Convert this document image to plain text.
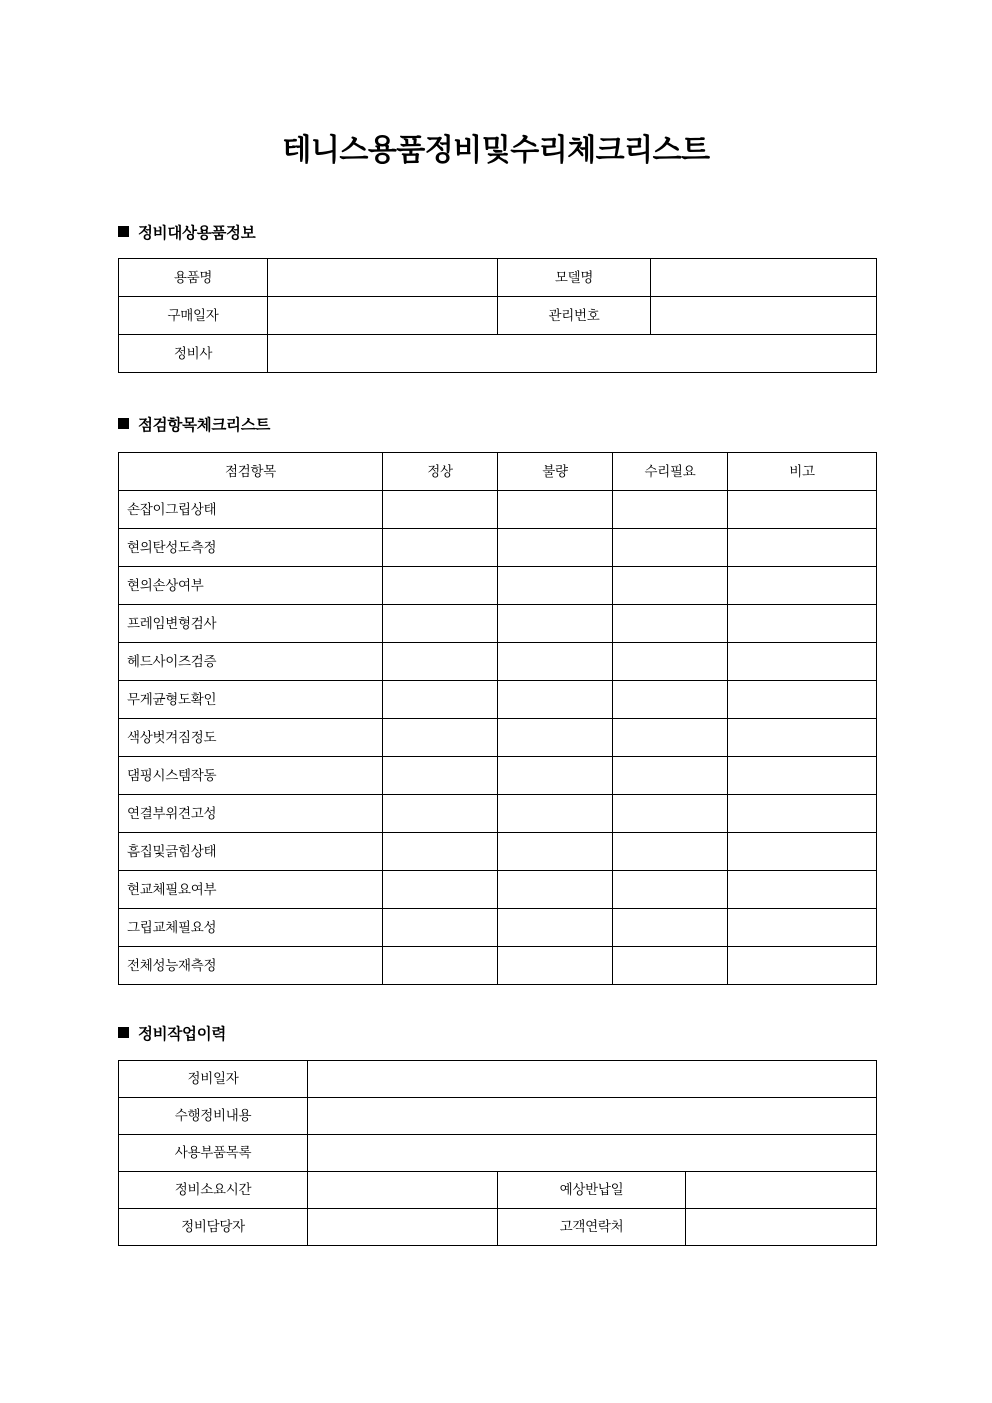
테니스용품정비및수리체크리스트
정비대상용품정보
용품명		모델명	
구매일자		관리번호	
정비사			
점검항목체크리스트
점검항목	정상	불량	수리필요	비고
손잡이그립상태				
현의탄성도측정				
현의손상여부				
프레임변형검사				
헤드사이즈검증				
무게균형도확인				
색상벗겨짐정도				
댐핑시스템작동				
연결부위견고성				
흠집및긁힘상태				
현교체필요여부				
그립교체필요성				
전체성능재측정				
정비작업이력
정비일자			
수행정비내용			
사용부품목록			
정비소요시간		예상반납일	
정비담당자		고객연락처	
